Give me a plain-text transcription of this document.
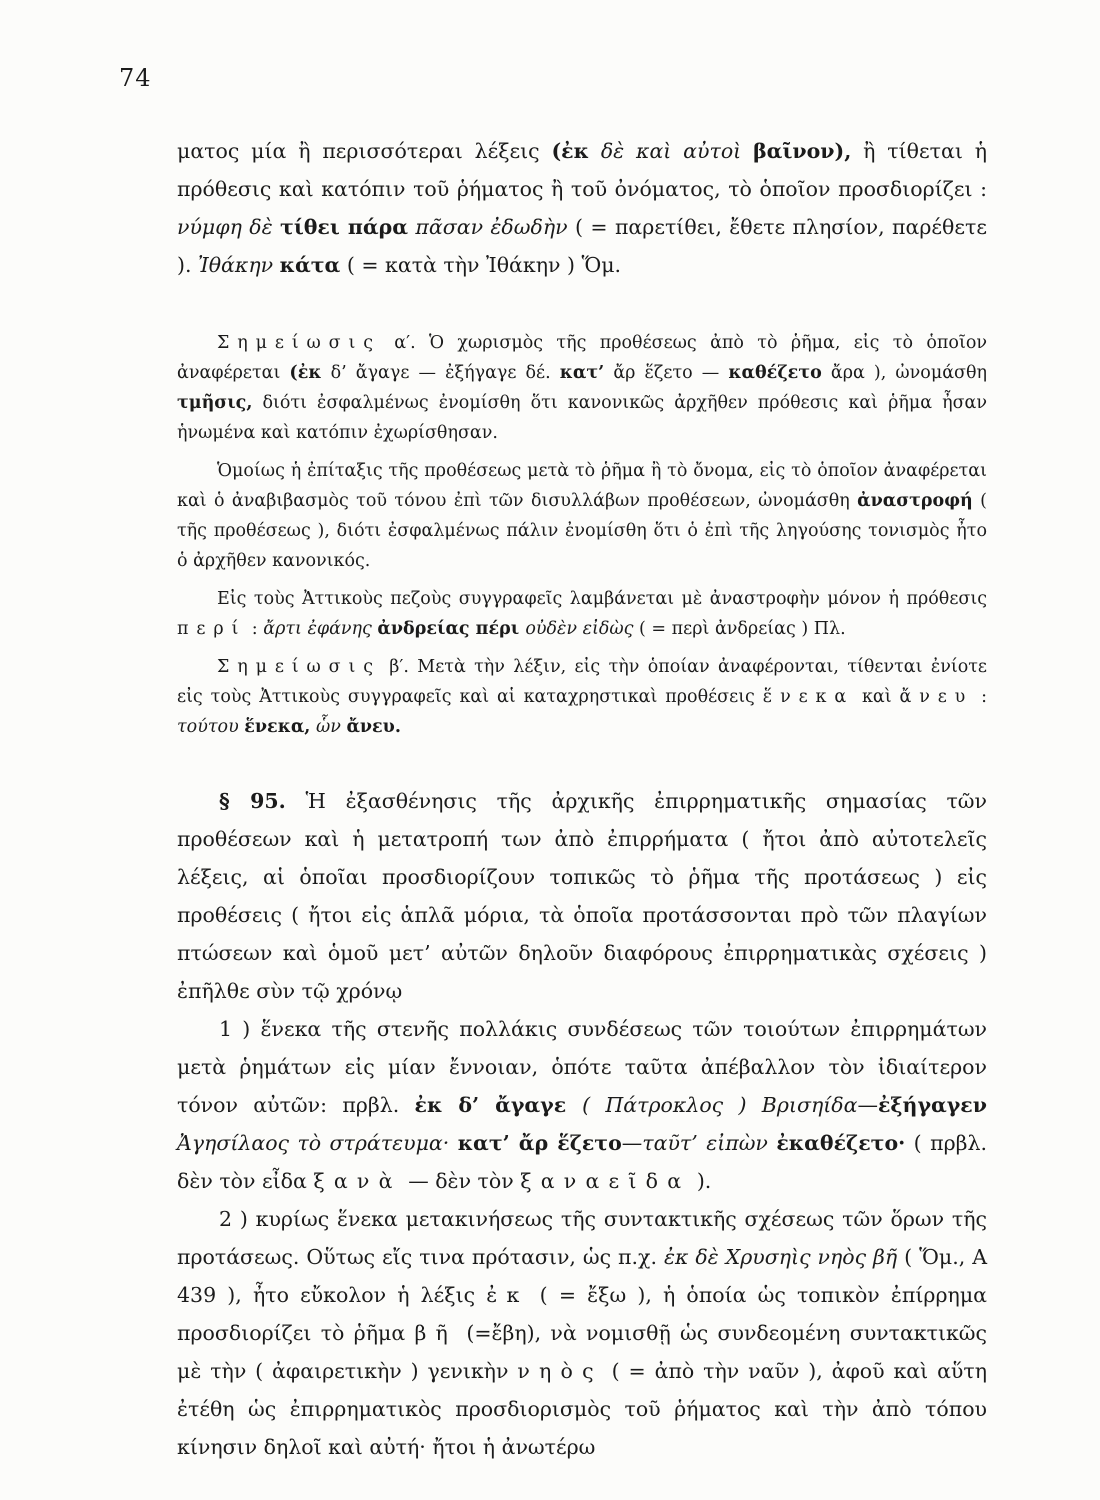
74

ματος μία ἢ περισσότεραι λέξεις (ἐκ δὲ καὶ αὐτοὶ βαῖνον), ἢ τίθεται ἡ πρόθεσις καὶ κατόπιν τοῦ ῥήματος ἢ τοῦ ὀνόματος, τὸ ὁποῖον προσδιορίζει : νύμφη δὲ τίθει πάρα πᾶσαν ἐδωδὴν ( = παρετίθει, ἔθετε πλησίον, παρέθετε ). Ἰθάκην κάτα ( = κατὰ τὴν Ἰθάκην ) Ὅμ.

Σημείωσις α′. Ὁ χωρισμὸς τῆς προθέσεως ἀπὸ τὸ ῥῆμα, εἰς τὸ ὁποῖον ἀναφέρεται (ἐκ δ’ ἄγαγε — ἐξήγαγε δέ. κατ’ ἄρ ἕζετο — καθέζετο ἄρα ), ὠνομάσθη τμῆσις, διότι ἐσφαλμένως ἐνομίσθη ὅτι κανονικῶς ἀρχῆθεν πρόθεσις καὶ ῥῆμα ἦσαν ἡνωμένα καὶ κατόπιν ἐχωρίσθησαν.

Ὁμοίως ἡ ἐπίταξις τῆς προθέσεως μετὰ τὸ ῥῆμα ἢ τὸ ὄνομα, εἰς τὸ ὁποῖον ἀναφέρεται καὶ ὁ ἀναβιβασμὸς τοῦ τόνου ἐπὶ τῶν δισυλλάβων προθέσεων, ὠνομάσθη ἀναστροφή ( τῆς προθέσεως ), διότι ἐσφαλμένως πάλιν ἐνομίσθη ὅτι ὁ ἐπὶ τῆς ληγούσης τονισμὸς ἦτο ὁ ἀρχῆθεν κανονικός.

Εἰς τοὺς Ἀττικοὺς πεζοὺς συγγραφεῖς λαμβάνεται μὲ ἀναστροφὴν μόνον ἡ πρόθεσις περί : ἄρτι ἐφάνης ἀνδρείας πέρι οὐδὲν εἰδὼς ( = περὶ ἀνδρείας ) Πλ.

Σημείωσις β′. Μετὰ τὴν λέξιν, εἰς τὴν ὁποίαν ἀναφέρονται, τίθενται ἐνίοτε εἰς τοὺς Ἀττικοὺς συγγραφεῖς καὶ αἱ καταχρηστικαὶ προθέσεις ἕνεκα καὶ ἄνευ : τούτου ἕνεκα, ὧν ἄνευ.

§ 95. Ἡ ἐξασθένησις τῆς ἀρχικῆς ἐπιρρηματικῆς σημασίας τῶν προθέσεων καὶ ἡ μετατροπή των ἀπὸ ἐπιρρήματα ( ἤτοι ἀπὸ αὐτοτελεῖς λέξεις, αἱ ὁποῖαι προσδιορίζουν τοπικῶς τὸ ῥῆμα τῆς προτάσεως ) εἰς προθέσεις ( ἤτοι εἰς ἁπλᾶ μόρια, τὰ ὁποῖα προτάσσονται πρὸ τῶν πλαγίων πτώσεων καὶ ὁμοῦ μετ’ αὐτῶν δηλοῦν διαφόρους ἐπιρρηματικὰς σχέσεις ) ἐπῆλθε σὺν τῷ χρόνῳ

1 ) ἕνεκα τῆς στενῆς πολλάκις συνδέσεως τῶν τοιούτων ἐπιρρημάτων μετὰ ῥημάτων εἰς μίαν ἔννοιαν, ὁπότε ταῦτα ἀπέβαλλον τὸν ἰδιαίτερον τόνον αὐτῶν: πρβλ. ἐκ δ’ ἄγαγε ( Πάτροκλος ) Βρισηίδα—ἐξήγαγεν Ἀγησίλαος τὸ στράτευμα· κατ’ ἄρ ἕζετο—ταῦτ’ εἰπὼν ἐκαθέζετο· ( πρβλ. δὲν τὸν εἶδα ξανὰ — δὲν τὸν ξαναεῖδα ).

2 ) κυρίως ἕνεκα μετακινήσεως τῆς συντακτικῆς σχέσεως τῶν ὅρων τῆς προτάσεως. Οὕτως εἴς τινα πρότασιν, ὡς π.χ. ἐκ δὲ Χρυσηὶς νηὸς βῆ ( Ὅμ., Α 439 ), ἦτο εὔκολον ἡ λέξις ἐκ ( = ἔξω ), ἡ ὁποία ὡς τοπικὸν ἐπίρρημα προσδιορίζει τὸ ῥῆμα βῆ (=ἔβη), νὰ νομισθῇ ὡς συνδεομένη συντακτικῶς μὲ τὴν ( ἀφαιρετικὴν ) γενικὴν νηὸς ( = ἀπὸ τὴν ναῦν ), ἀφοῦ καὶ αὕτη ἐτέθη ὡς ἐπιρρηματικὸς προσδιορισμὸς τοῦ ῥήματος καὶ τὴν ἀπὸ τόπου κίνησιν δηλοῖ καὶ αὐτή· ἤτοι ἡ ἀνωτέρω
